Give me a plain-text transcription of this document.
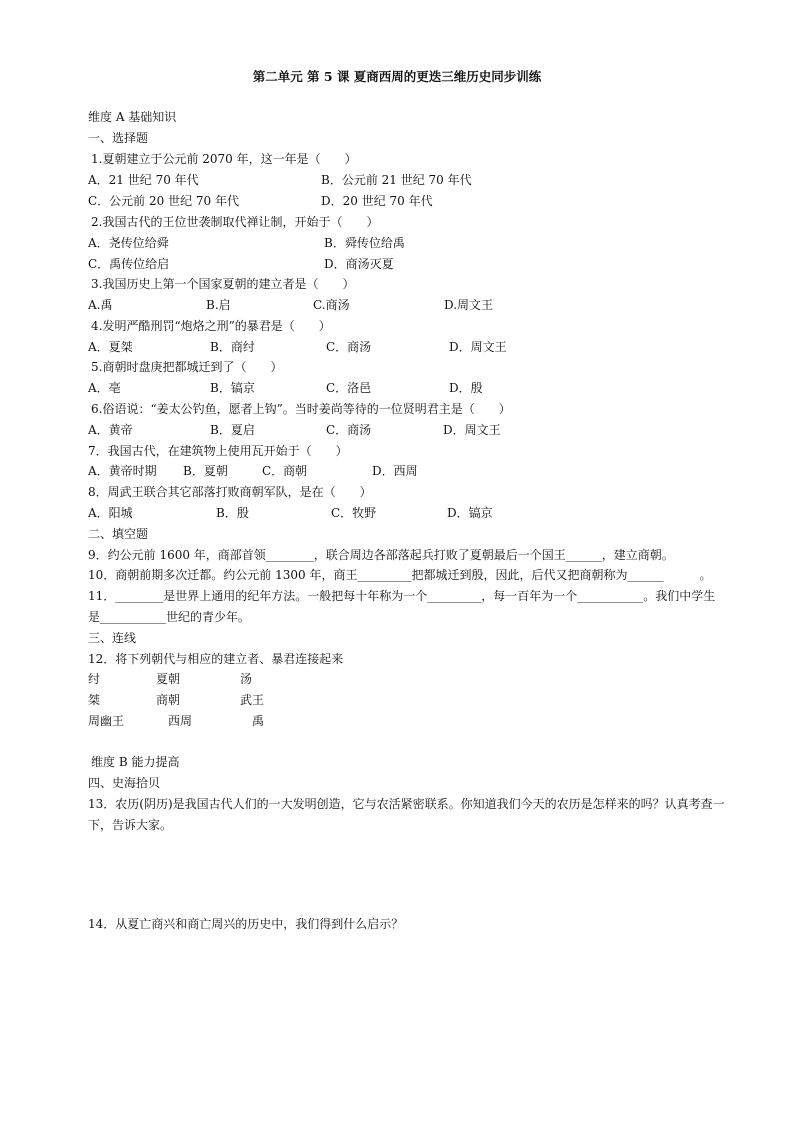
第二单元 第 5 课 夏商西周的更迭三维历史同步训练
维度 A 基础知识
一、选择题
1.夏朝建立于公元前 2070 年，这一年是（　　）
A．21 世纪 70 年代	B．公元前 21 世纪 70 年代
C．公元前 20 世纪 70 年代	D．20 世纪 70 年代
2.我国古代的王位世袭制取代禅让制，开始于（　　）
A．尧传位给舜	B．舜传位给禹
C．禹传位给启	D．商汤灭夏
3.我国历史上第一个国家夏朝的建立者是（　　）
A.禹	B.启	C.商汤	D.周文王
4.发明严酷刑罚“炮烙之刑”的暴君是（　　）
A．夏桀	B．商纣	C．商汤	D．周文王
5.商朝时盘庚把都城迁到了（　　）
A．亳	B．镐京	C．洛邑	D．殷
6.俗语说：“姜太公钓鱼，愿者上钩”。当时姜尚等待的一位贤明君主是（　　）
A．黄帝	B．夏启	C．商汤	D．周文王
7．我国古代，在建筑物上使用瓦开始于（　　）
A．黄帝时期 B．夏朝	C．商朝	D．西周
8．周武王联合其它部落打败商朝军队，是在（　　）
A．阳城	B．殷	C．牧野	D．镐京
二、填空题
9．约公元前 1600 年，商部首领________，联合周边各部落起兵打败了夏朝最后一个国王______，建立商朝。
10．商朝前期多次迁都。约公元前 1300 年，商王_________把都城迁到殷，因此，后代又把商朝称为______　　　。
11．________是世界上通用的纪年方法。一般把每十年称为一个_________，每一百年为一个___________。我们中学生
是___________世纪的青少年。
三、连线
12．将下列朝代与相应的建立者、暴君连接起来
纣	夏朝	汤
桀	商朝	武王
周幽王	西周	禹
维度 B 能力提高
四、史海拾贝
13．农历(阴历)是我国古代人们的一大发明创造，它与农活紧密联系。你知道我们今天的农历是怎样来的吗？认真考查一
下，告诉大家。
14．从夏亡商兴和商亡周兴的历史中，我们得到什么启示？
